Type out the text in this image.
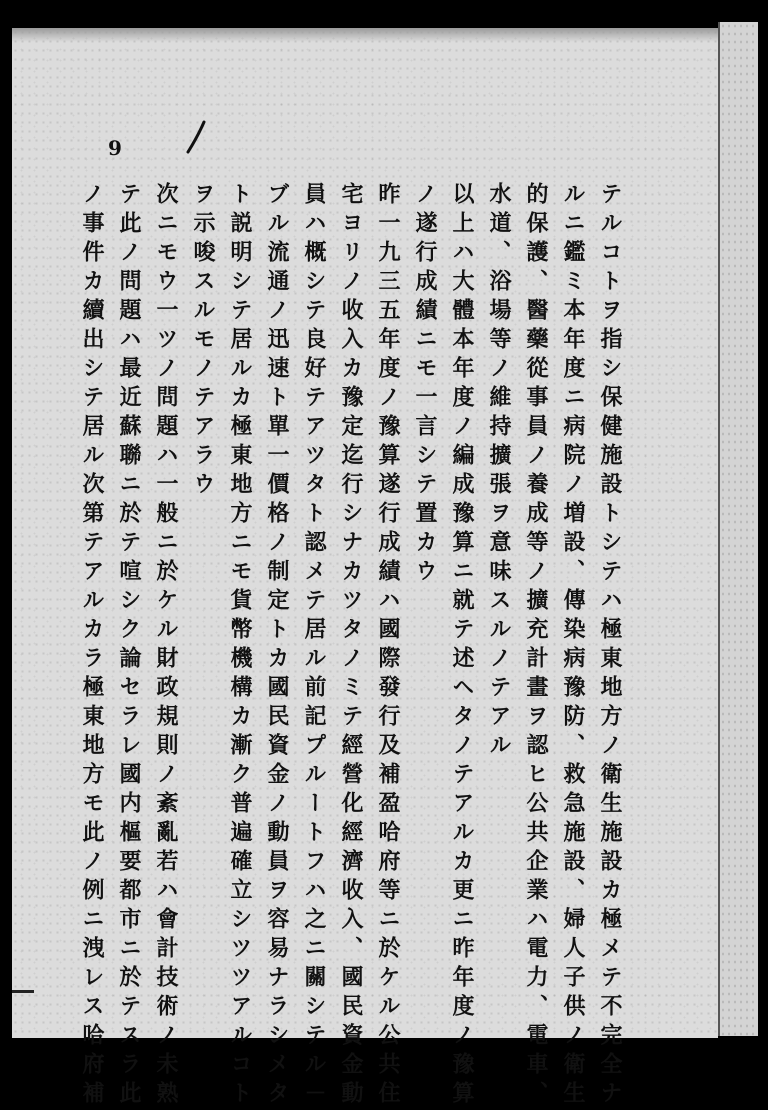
9
テルコトヲ指シ保健施設トシテハ極東地方ノ衛生施設カ極メテ不完全ナ
ルニ鑑ミ本年度ニ病院ノ増設、傳染病豫防、救急施設、婦人子供ノ衛生
的保護、醫藥從事員ノ養成等ノ擴充計畫ヲ認ヒ公共企業ハ電力、電車、
水道、浴場等ノ維持擴張ヲ意味スルノテアル
以上ハ大體本年度ノ編成豫算ニ就テ述ヘタノテアルカ更ニ昨年度ノ豫算
ノ遂行成績ニモ一言シテ置カウ
昨一九三五年度ノ豫算遂行成績ハ國際發行及補盈哈府等ニ於ケル公共住
宅ヨリノ收入カ豫定迄行シナカツタノミテ經營化經濟收入、國民資金動
員ハ概シテ良好テアツタト認メテ居ル前記プルートフハ之ニ關シテル－
ブル流通ノ迅速ト單一價格ノ制定トカ國民資金ノ動員ヲ容易ナラシメタ
ト説明シテ居ルカ極東地方ニモ貨幣機構カ漸ク普遍確立シツツアルコト
ヲ示唆スルモノテアラウ
次ニモウ一ツノ問題ハ一般ニ於ケル財政規則ノ紊亂若ハ會計技術ノ未熟
テ此ノ問題ハ最近蘇聯ニ於テ喧シク論セラレ國内樞要都市ニ於テスラ此
ノ事件カ續出シテ居ル次第テアルカラ極東地方モ此ノ例ニ洩レス哈府補
